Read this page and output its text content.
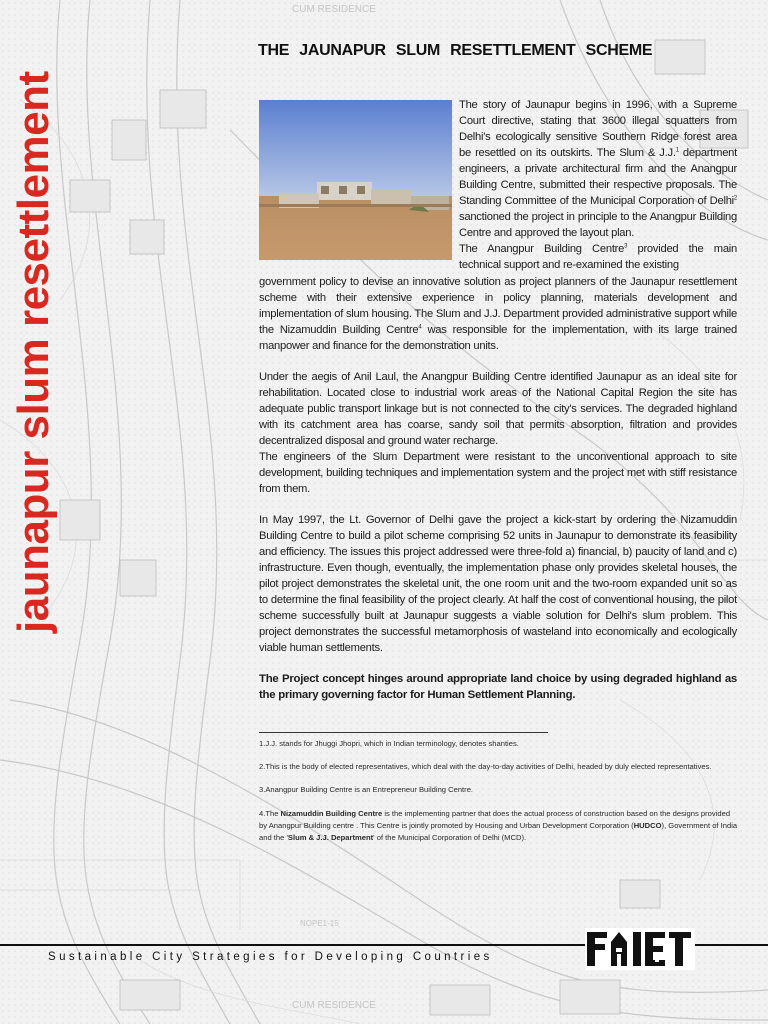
CUM RESIDENCE
CUM RESIDENCE
NOPE1-15
jaunapur slum resettlement
THE JAUNAPUR SLUM RESETTLEMENT SCHEME
The story of Jaunapur begins in 1996, with a Supreme Court directive, stating that 3600 illegal squatters from Delhi's ecologically sensitive Southern Ridge forest area be resettled on its outskirts. The Slum & J.J.$^1$ department engineers, a private architectural firm and the Anangpur Building Centre, submitted their respective proposals. The Standing Committee of the Municipal Corporation of Delhi$^2$ sanctioned the project in principle to the Anangpur Building Centre and approved the layout plan.
The Anangpur Building Centre$^3$ provided the main technical support and re-examined the existing

government policy to devise an innovative solution as project planners of the Jaunapur resettlement scheme with their extensive experience in policy planning, materials development and implementation of slum housing. The Slum and J.J. Department provided administrative support while the Nizamuddin Building Centre$^4$ was responsible for the implementation, with its large trained manpower and finance for the demonstration units.

Under the aegis of Anil Laul, the Anangpur Building Centre identified Jaunapur as an ideal site for rehabilitation. Located close to industrial work areas of the National Capital Region the site has adequate public transport linkage but is not connected to the city's services. The degraded highland with its catchment area has coarse, sandy soil that permits absorption, filtration and provides decentralized disposal and ground water recharge.

The engineers of the Slum Department were resistant to the unconventional approach to site development, building techniques and implementation system and the project met with stiff resistance from them.

In May 1997, the Lt. Governor of Delhi gave the project a kick-start by ordering the Nizamuddin Building Centre to build a pilot scheme comprising 52 units in Jaunapur to demonstrate its feasibility and efficiency. The issues this project addressed were three-fold a) financial, b) paucity of land and c) infrastructure. Even though, eventually, the implementation phase only provides skeletal houses, the pilot project demonstrates the skeletal unit, the one room unit and the two-room expanded unit so as to determine the final feasibility of the project clearly. At half the cost of conventional housing, the pilot scheme successfully built at Jaunapur suggests a viable solution for Delhi's slum problem. This project demonstrates the successful metamorphosis of wasteland into economically and ecologically viable human settlements.

The Project concept hinges around appropriate land choice by using degraded highland as the primary governing factor for Human Settlement Planning.

1.J.J. stands for Jhuggi Jhopri, which in Indian terminology, denotes shanties.

2.This is the body of elected representatives, which deal with the day-to-day activities of Delhi, headed by duly elected representatives.

3.Anangpur Building Centre is an Entrepreneur Building Centre.

4.The Nizamuddin Building Centre is the implementing partner that does the actual process of construction based on the designs provided by Anangpur Building centre . This Centre is jointly promoted by Housing and Urban Development Corporation (HUDCO), Government of India and the 'Slum & J.J. Department' of the Municipal Corporation of Delhi (MCD).

Sustainable City Strategies for Developing Countries
